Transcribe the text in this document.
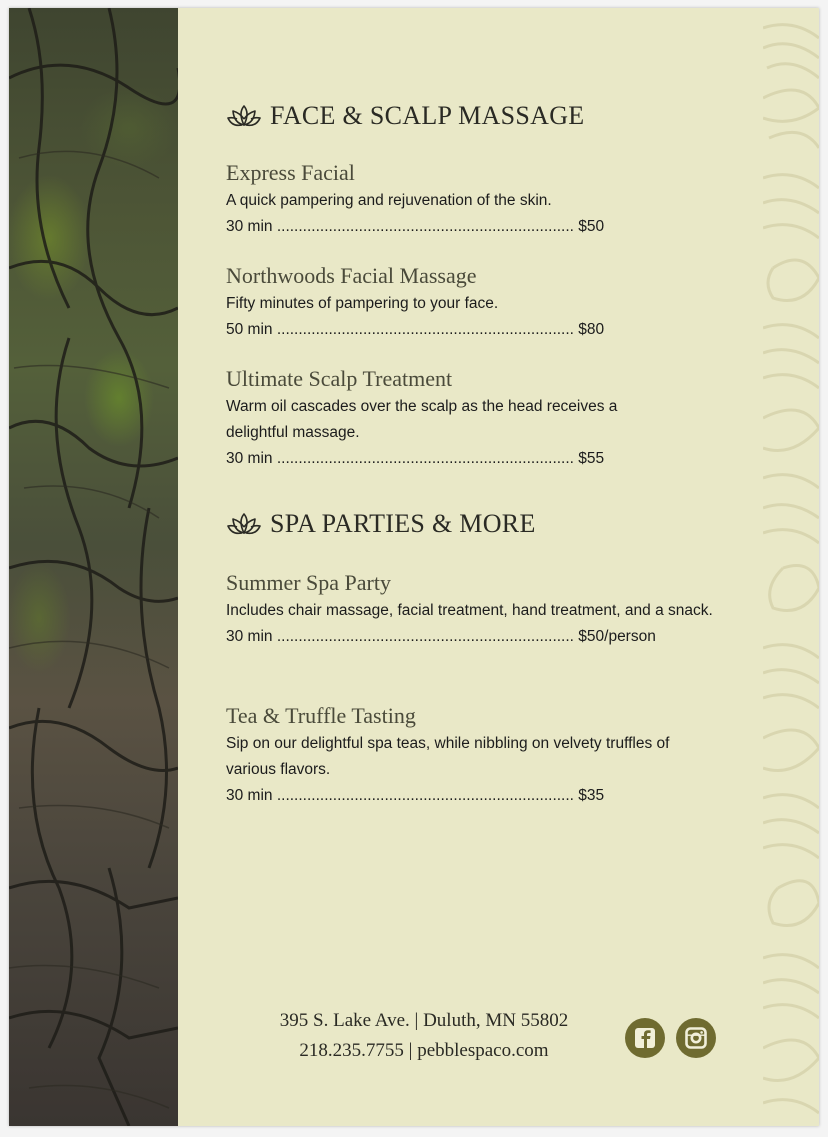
FACE & SCALP MASSAGE
Express Facial
A quick pampering and rejuvenation of the skin.
30 min ..................................................................... $50
Northwoods Facial Massage
Fifty minutes of pampering to your face.
50 min ..................................................................... $80
Ultimate Scalp Treatment
Warm oil cascades over the scalp as the head receives a delightful massage.
30 min ..................................................................... $55
SPA PARTIES & MORE
Summer Spa Party
Includes chair massage, facial treatment, hand treatment, and a snack.
30 min ..................................................................... $50/person
Tea & Truffle Tasting
Sip on our delightful spa teas, while nibbling on velvety truffles of various flavors.
30 min ..................................................................... $35
395 S. Lake Ave. | Duluth, MN 55802
218.235.7755 | pebblespaco.com
